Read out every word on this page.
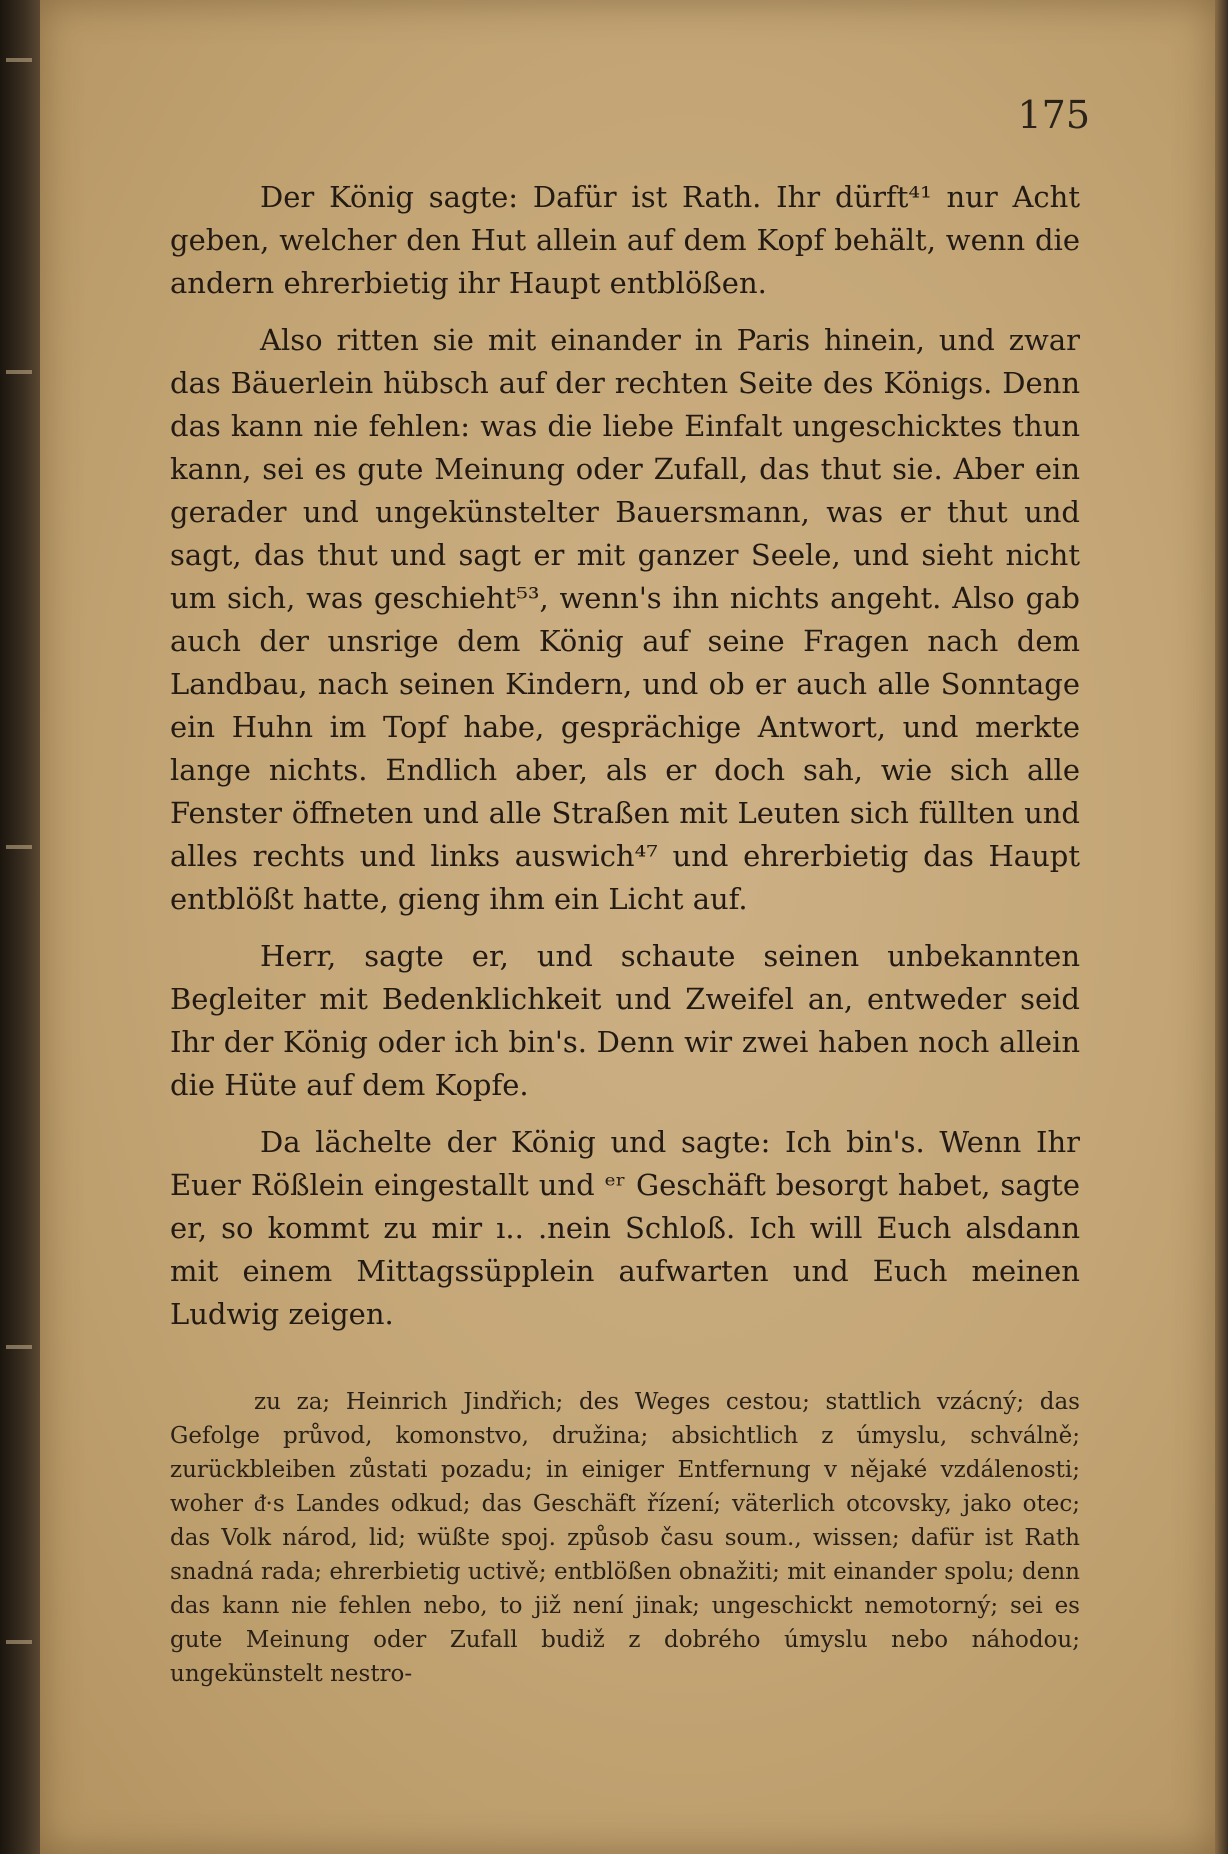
175

Der König sagte: Dafür ist Rath. Ihr dürft⁴¹ nur Acht geben, welcher den Hut allein auf dem Kopf behält, wenn die andern ehrerbietig ihr Haupt entblößen.

Also ritten sie mit einander in Paris hinein, und zwar das Bäuerlein hübsch auf der rechten Seite des Königs. Denn das kann nie fehlen: was die liebe Einfalt ungeschicktes thun kann, sei es gute Meinung oder Zufall, das thut sie. Aber ein gerader und ungekünstelter Bauersmann, was er thut und sagt, das thut und sagt er mit ganzer Seele, und sieht nicht um sich, was geschieht⁵³, wenn's ihn nichts angeht. Also gab auch der unsrige dem König auf seine Fragen nach dem Landbau, nach seinen Kindern, und ob er auch alle Sonntage ein Huhn im Topf habe, gesprächige Antwort, und merkte lange nichts. Endlich aber, als er doch sah, wie sich alle Fenster öffneten und alle Straßen mit Leuten sich füllten und alles rechts und links auswich⁴⁷ und ehrerbietig das Haupt entblößt hatte, gieng ihm ein Licht auf.

Herr, sagte er, und schaute seinen unbekannten Begleiter mit Bedenklichkeit und Zweifel an, entweder seid Ihr der König oder ich bin's. Denn wir zwei haben noch allein die Hüte auf dem Kopfe.

Da lächelte der König und sagte: Ich bin's. Wenn Ihr Euer Rößlein eingestallt und ᵉʳ Geschäft besorgt habet, sagte er, so kommt zu mir ı.. .nein Schloß. Ich will Euch alsdann mit einem Mittagssüpplein aufwarten und Euch meinen Ludwig zeigen.

zu za; Heinrich Jindřich; des Weges cestou; stattlich vzácný; das Gefolge průvod, komonstvo, družina; absichtlich z úmyslu, schválně; zurückbleiben zůstati pozadu; in einiger Entfernung v nějaké vzdálenosti; woher ᵭ·s Landes odkud; das Geschäft řízení; väterlich otcovsky, jako otec; das Volk národ, lid; wüßte spoj. způsob času soum., wissen; dafür ist Rath snadná rada; ehrerbietig uctivě; entblößen obnažiti; mit einander spolu; denn das kann nie fehlen nebo, to již není jinak; ungeschickt nemotorný; sei es gute Meinung oder Zufall budiž z dobrého úmyslu nebo náhodou; ungekünstelt nestro-
